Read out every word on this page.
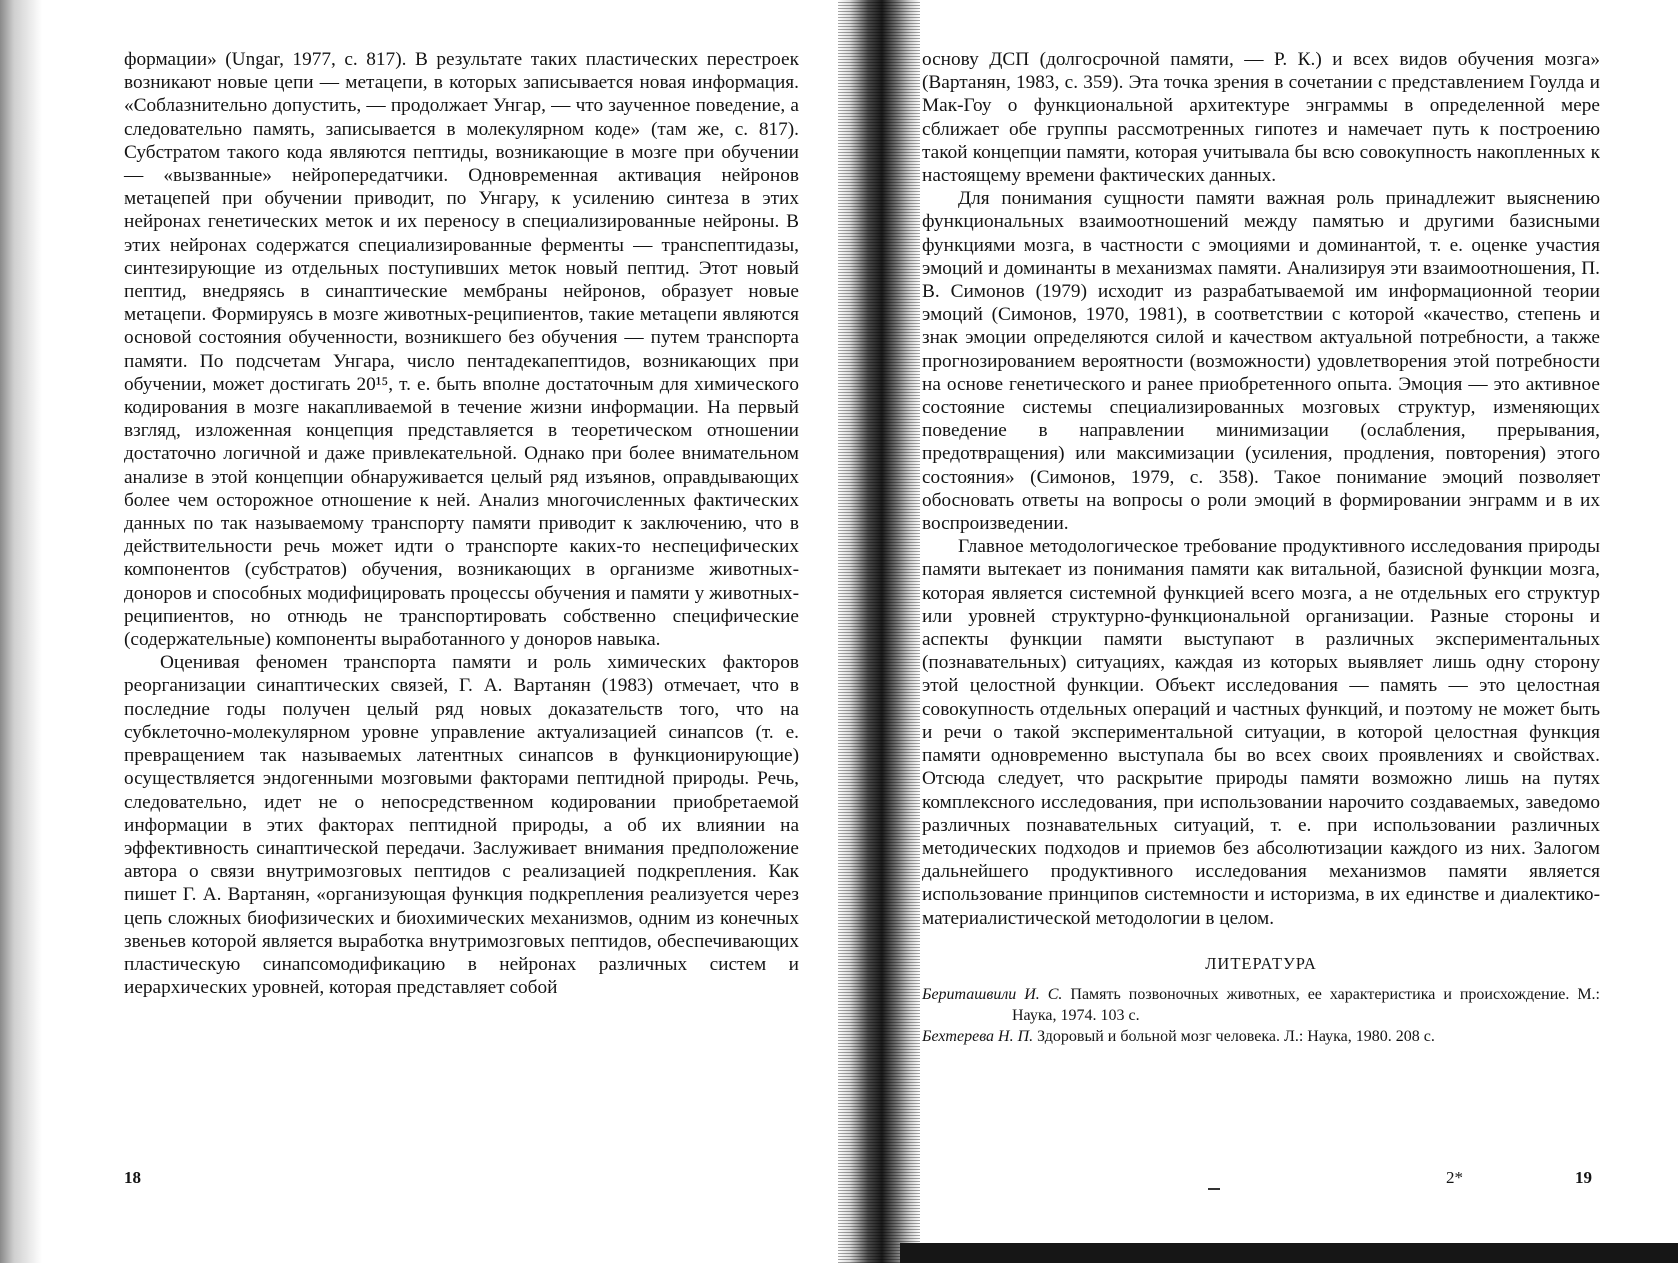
формации» (Ungar, 1977, с. 817). В результате таких пластических перестроек возникают новые цепи — метацепи, в которых записывается новая информация. «Соблазнительно допустить, — продолжает Унгар, — что заученное поведение, а следовательно память, записывается в молекулярном коде» (там же, с. 817). Субстратом такого кода являются пептиды, возникающие в мозге при обучении — «вызванные» нейропередатчики. Одновременная активация нейронов метацепей при обучении приводит, по Унгару, к усилению синтеза в этих нейронах генетических меток и их переносу в специализированные нейроны. В этих нейронах содержатся специализированные ферменты — транспептидазы, синтезирующие из отдельных поступивших меток новый пептид. Этот новый пептид, внедряясь в синаптические мембраны нейронов, образует новые метацепи. Формируясь в мозге животных-реципиентов, такие метацепи являются основой состояния обученности, возникшего без обучения — путем транспорта памяти. По подсчетам Унгара, число пентадекапептидов, возникающих при обучении, может достигать 20¹⁵, т. е. быть вполне достаточным для химического кодирования в мозге накапливаемой в течение жизни информации. На первый взгляд, изложенная концепция представляется в теоретическом отношении достаточно логичной и даже привлекательной. Однако при более внимательном анализе в этой концепции обнаруживается целый ряд изъянов, оправдывающих более чем осторожное отношение к ней. Анализ многочисленных фактических данных по так называемому транспорту памяти приводит к заключению, что в действительности речь может идти о транспорте каких-то неспецифических компонентов (субстратов) обучения, возникающих в организме животных-доноров и способных модифицировать процессы обучения и памяти у животных-реципиентов, но отнюдь не транспортировать собственно специфические (содержательные) компоненты выработанного у доноров навыка.

Оценивая феномен транспорта памяти и роль химических факторов реорганизации синаптических связей, Г. А. Вартанян (1983) отмечает, что в последние годы получен целый ряд новых доказательств того, что на субклеточно-молекулярном уровне управление актуализацией синапсов (т. е. превращением так называемых латентных синапсов в функционирующие) осуществляется эндогенными мозговыми факторами пептидной природы. Речь, следовательно, идет не о непосредственном кодировании приобретаемой информации в этих факторах пептидной природы, а об их влиянии на эффективность синаптической передачи. Заслуживает внимания предположение автора о связи внутримозговых пептидов с реализацией подкрепления. Как пишет Г. А. Вартанян, «организующая функция подкрепления реализуется через цепь сложных биофизических и биохимических механизмов, одним из конечных звеньев которой является выработка внутримозговых пептидов, обеспечивающих пластическую синапсомодификацию в нейронах различных систем и иерархических уровней, которая представляет собой

основу ДСП (долгосрочной памяти, — Р. К.) и всех видов обучения мозга» (Вартанян, 1983, с. 359). Эта точка зрения в сочетании с представлением Гоулда и Мак-Гоу о функциональной архитектуре энграммы в определенной мере сближает обе группы рассмотренных гипотез и намечает путь к построению такой концепции памяти, которая учитывала бы всю совокупность накопленных к настоящему времени фактических данных.

Для понимания сущности памяти важная роль принадлежит выяснению функциональных взаимоотношений между памятью и другими базисными функциями мозга, в частности с эмоциями и доминантой, т. е. оценке участия эмоций и доминанты в механизмах памяти. Анализируя эти взаимоотношения, П. В. Симонов (1979) исходит из разрабатываемой им информационной теории эмоций (Симонов, 1970, 1981), в соответствии с которой «качество, степень и знак эмоции определяются силой и качеством актуальной потребности, а также прогнозированием вероятности (возможности) удовлетворения этой потребности на основе генетического и ранее приобретенного опыта. Эмоция — это активное состояние системы специализированных мозговых структур, изменяющих поведение в направлении минимизации (ослабления, прерывания, предотвращения) или максимизации (усиления, продления, повторения) этого состояния» (Симонов, 1979, с. 358). Такое понимание эмоций позволяет обосновать ответы на вопросы о роли эмоций в формировании энграмм и в их воспроизведении.

Главное методологическое требование продуктивного исследования природы памяти вытекает из понимания памяти как витальной, базисной функции мозга, которая является системной функцией всего мозга, а не отдельных его структур или уровней структурно-функциональной организации. Разные стороны и аспекты функции памяти выступают в различных экспериментальных (познавательных) ситуациях, каждая из которых выявляет лишь одну сторону этой целостной функции. Объект исследования — память — это целостная совокупность отдельных операций и частных функций, и поэтому не может быть и речи о такой экспериментальной ситуации, в которой целостная функция памяти одновременно выступала бы во всех своих проявлениях и свойствах. Отсюда следует, что раскрытие природы памяти возможно лишь на путях комплексного исследования, при использовании нарочито создаваемых, заведомо различных познавательных ситуаций, т. е. при использовании различных методических подходов и приемов без абсолютизации каждого из них. Залогом дальнейшего продуктивного исследования механизмов памяти является использование принципов системности и историзма, в их единстве и диалектико-материалистической методологии в целом.

ЛИТЕРАТУРА

Бериташвили И. С. Память позвоночных животных, ее характеристика и происхождение. М.: Наука, 1974. 103 с.

Бехтерева Н. П. Здоровый и больной мозг человека. Л.: Наука, 1980. 208 с.

18	2*	19
